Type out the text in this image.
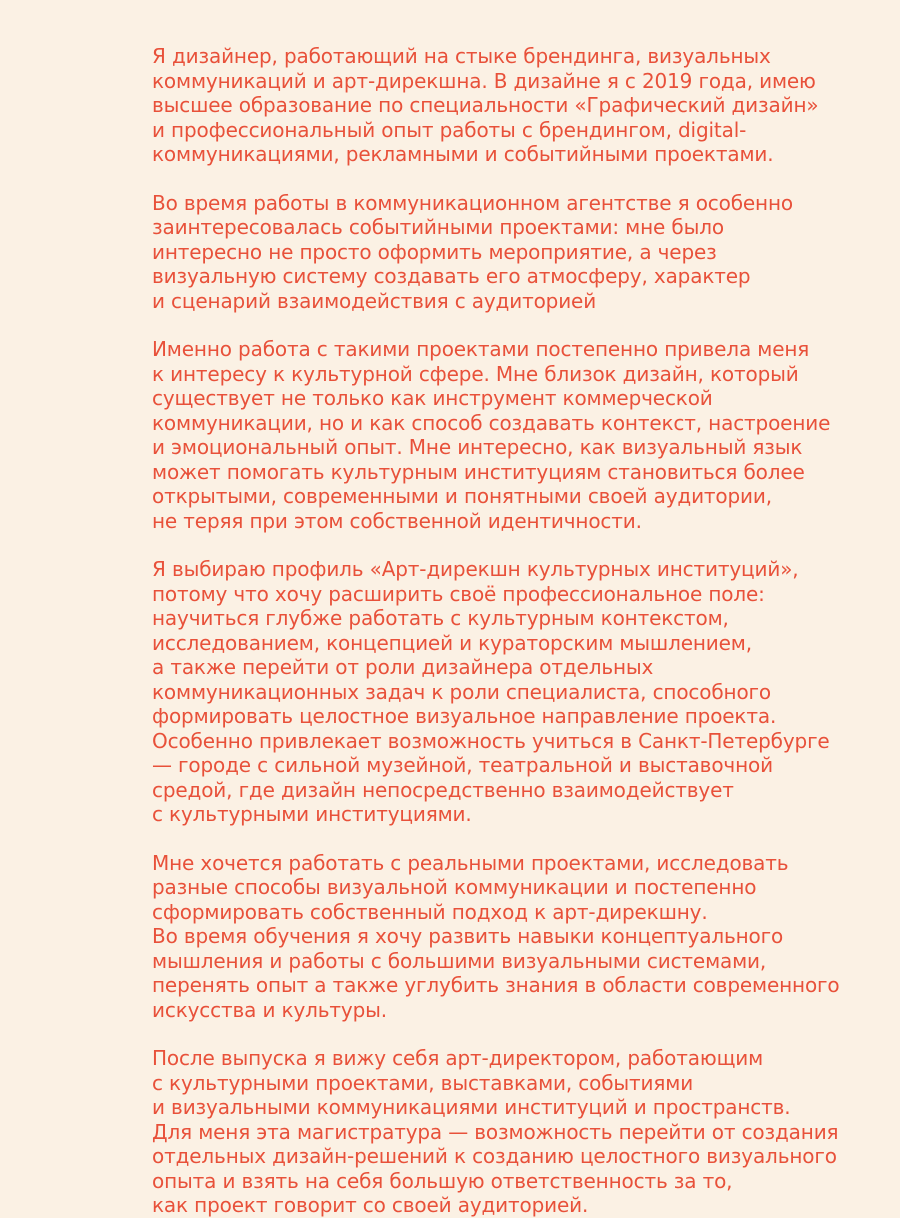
Я дизайнер, работающий на стыке брендинга, визуальных
коммуникаций и арт-дирекшна. В дизайне я с 2019 года, имею
высшее образование по специальности «Графический дизайн»
и профессиональный опыт работы с брендингом, digital-
коммуникациями, рекламными и событийными проектами.

Во время работы в коммуникационном агентстве я особенно
заинтересовалась событийными проектами: мне было
интересно не просто оформить мероприятие, а через
визуальную систему создавать его атмосферу, характер
и сценарий взаимодействия с аудиторией

Именно работа с такими проектами постепенно привела меня
к интересу к культурной сфере. Мне близок дизайн, который
существует не только как инструмент коммерческой
коммуникации, но и как способ создавать контекст, настроение
и эмоциональный опыт. Мне интересно, как визуальный язык
может помогать культурным институциям становиться более
открытыми, современными и понятными своей аудитории,
не теряя при этом собственной идентичности.

Я выбираю профиль «Арт-дирекшн культурных институций»,
потому что хочу расширить своё профессиональное поле:
научиться глубже работать с культурным контекстом,
исследованием, концепцией и кураторским мышлением,
а также перейти от роли дизайнера отдельных
коммуникационных задач к роли специалиста, способного
формировать целостное визуальное направление проекта.
Особенно привлекает возможность учиться в Санкт-Петербурге
— городе с сильной музейной, театральной и выставочной
средой, где дизайн непосредственно взаимодействует
с культурными институциями.

Мне хочется работать с реальными проектами, исследовать
разные способы визуальной коммуникации и постепенно
сформировать собственный подход к арт-дирекшну.
Во время обучения я хочу развить навыки концептуального
мышления и работы с большими визуальными системами,
перенять опыт а также углубить знания в области современного
искусства и культуры.

После выпуска я вижу себя арт-директором, работающим
с культурными проектами, выставками, событиями
и визуальными коммуникациями институций и пространств.
Для меня эта магистратура — возможность перейти от создания
отдельных дизайн-решений к созданию целостного визуального
опыта и взять на себя большую ответственность за то,
как проект говорит со своей аудиторией.
